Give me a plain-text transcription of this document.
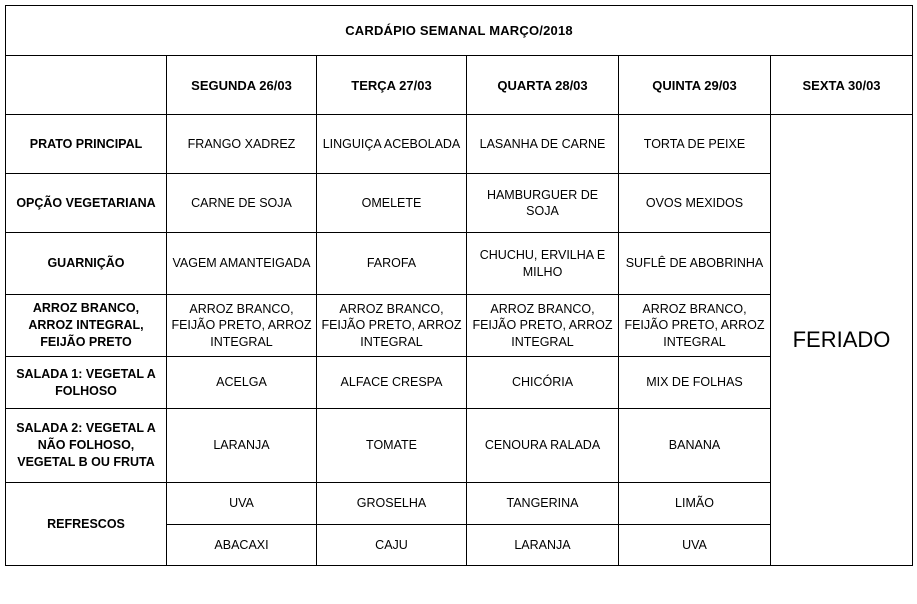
CARDÁPIO SEMANAL MARÇO/2018					
	SEGUNDA 26/03	TERÇA 27/03	QUARTA 28/03	QUINTA 29/03	SEXTA 30/03
PRATO PRINCIPAL	FRANGO XADREZ	LINGUIÇA ACEBOLADA	LASANHA DE CARNE	TORTA DE PEIXE	FERIADO
OPÇÃO VEGETARIANA	CARNE DE SOJA	OMELETE	HAMBURGUER DE SOJA	OVOS MEXIDOS	
GUARNIÇÃO	VAGEM AMANTEIGADA	FAROFA	CHUCHU, ERVILHA E MILHO	SUFLÊ DE ABOBRINHA	
ARROZ BRANCO, ARROZ INTEGRAL, FEIJÃO PRETO	ARROZ BRANCO, FEIJÃO PRETO, ARROZ INTEGRAL	ARROZ BRANCO, FEIJÃO PRETO, ARROZ INTEGRAL	ARROZ BRANCO, FEIJÃO PRETO, ARROZ INTEGRAL	ARROZ BRANCO, FEIJÃO PRETO, ARROZ INTEGRAL	
SALADA 1: VEGETAL A FOLHOSO	ACELGA	ALFACE CRESPA	CHICÓRIA	MIX DE FOLHAS	
SALADA 2: VEGETAL A NÃO FOLHOSO, VEGETAL B OU FRUTA	LARANJA	TOMATE	CENOURA RALADA	BANANA	
REFRESCOS	UVA	GROSELHA	TANGERINA	LIMÃO	
	ABACAXI	CAJU	LARANJA	UVA	
